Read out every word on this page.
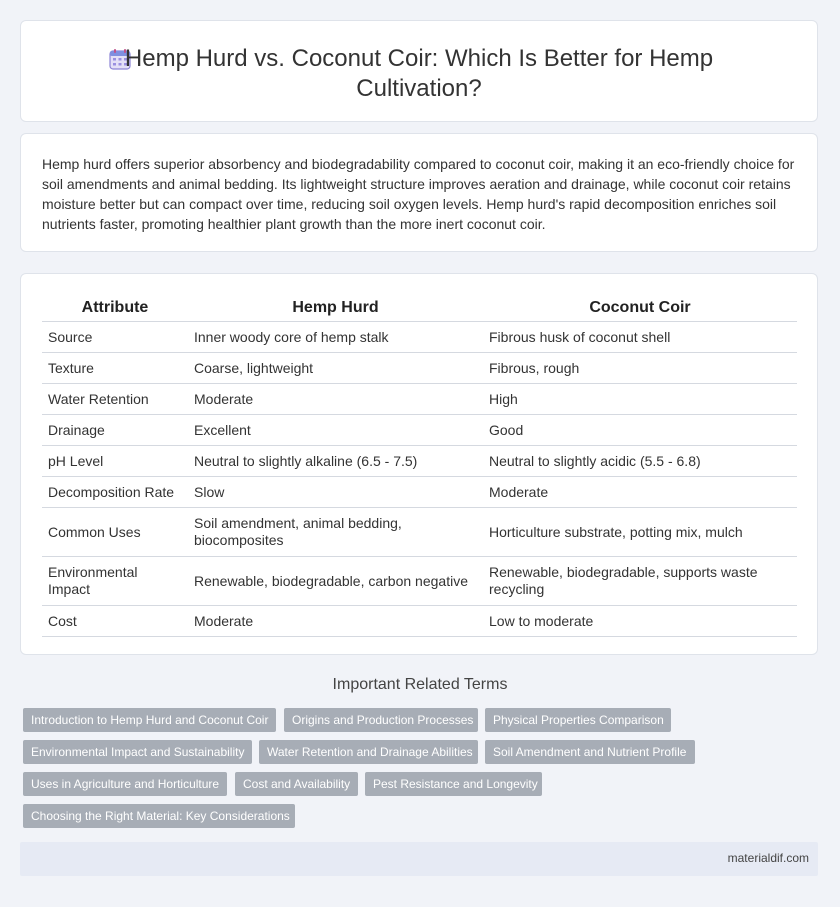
Hemp Hurd vs. Coconut Coir: Which Is Better for Hemp Cultivation?

Hemp hurd offers superior absorbency and biodegradability compared to coconut coir, making it an eco-friendly choice for soil amendments and animal bedding. Its lightweight structure improves aeration and drainage, while coconut coir retains moisture better but can compact over time, reducing soil oxygen levels. Hemp hurd's rapid decomposition enriches soil nutrients faster, promoting healthier plant growth than the more inert coconut coir.

Attribute	Hemp Hurd	Coconut Coir
Source	Inner woody core of hemp stalk	Fibrous husk of coconut shell
Texture	Coarse, lightweight	Fibrous, rough
Water Retention	Moderate	High
Drainage	Excellent	Good
pH Level	Neutral to slightly alkaline (6.5 - 7.5)	Neutral to slightly acidic (5.5 - 6.8)
Decomposition Rate	Slow	Moderate
Common Uses	Soil amendment, animal bedding, biocomposites	Horticulture substrate, potting mix, mulch
Environmental Impact	Renewable, biodegradable, carbon negative	Renewable, biodegradable, supports waste recycling
Cost	Moderate	Low to moderate
Important Related Terms
Introduction to Hemp Hurd and Coconut Coir	Origins and Production Processes	Physical Properties Comparison
Environmental Impact and Sustainability	Water Retention and Drainage Abilities	Soil Amendment and Nutrient Profile
Uses in Agriculture and Horticulture	Cost and Availability	Pest Resistance and Longevity
Choosing the Right Material: Key Considerations
materialdif.com
